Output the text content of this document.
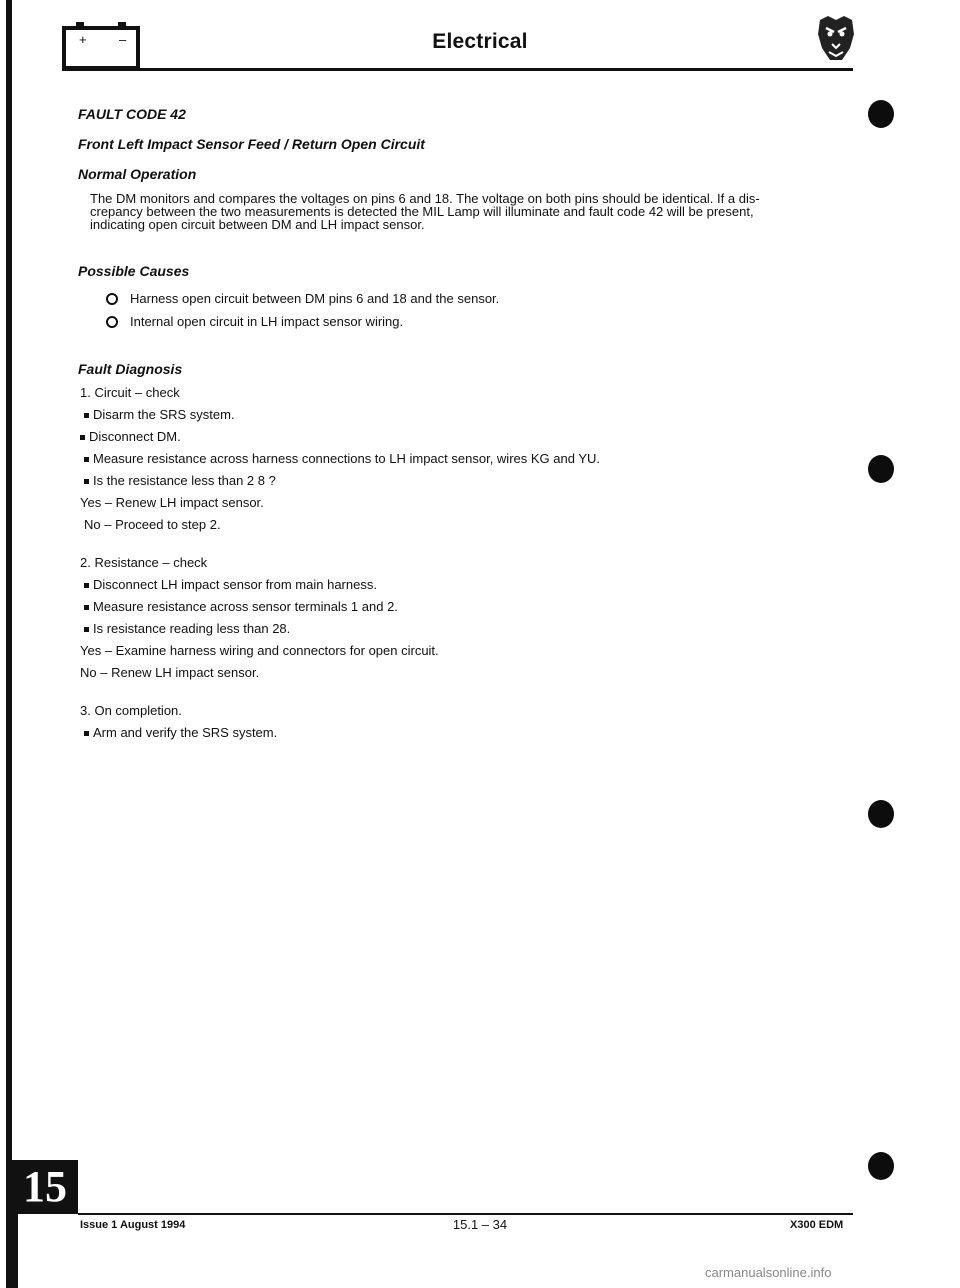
+ –	Electrical

FAULT CODE 42

Front Left Impact Sensor Feed / Return Open Circuit

Normal Operation

The DM monitors and compares the voltages on pins 6 and 18. The voltage on both pins should be identical. If a dis-
crepancy between the two measurements is detected the MIL Lamp will illuminate and fault code 42 will be present,
indicating open circuit between DM and LH impact sensor.

Possible Causes

Harness open circuit between DM pins 6 and 18 and the sensor.
Internal open circuit in LH impact sensor wiring.

Fault Diagnosis

1. Circuit – check
Disarm the SRS system.
Disconnect DM.
Measure resistance across harness connections to LH impact sensor, wires KG and YU.
Is the resistance less than 2 8 ?
Yes – Renew LH impact sensor.
No – Proceed to step 2.
2. Resistance – check
Disconnect LH impact sensor from main harness.
Measure resistance across sensor terminals 1 and 2.
Is resistance reading less than 28.
Yes – Examine harness wiring and connectors for open circuit.
No – Renew LH impact sensor.
3. On completion.
Arm and verify the SRS system.
15
Issue 1 August 1994	15.1 – 34	X300 EDM
carmanualsonline.info
